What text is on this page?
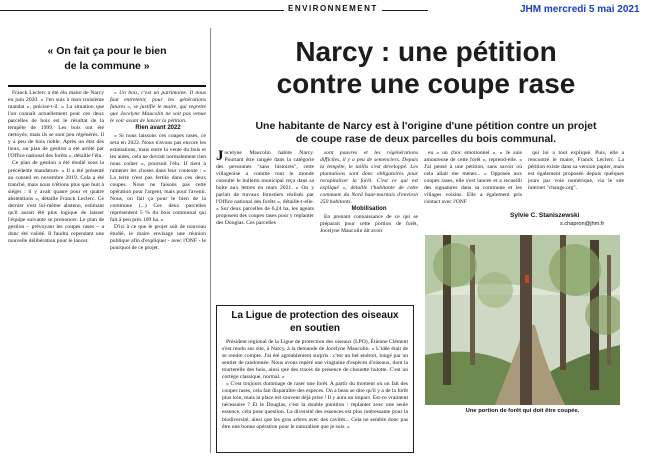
ENVIRONNEMENT	JHM mercredi 5 mai 2021
« On fait ça pour le bien
de la commune »

Franck Leclerc a été élu maire de Narcy en juin 2020. « J'en suis à mon troisième mandat », précise-t-il. « La situation que l'on connaît actuellement pour ces deux parcelles de bois est le résultat de la tempête de 1999. Les bois ont été nettoyés, mais ils se sont peu régénérés. Il y a peu de bois noble. Après un état des lieux, un plan de gestion a été arrêté par l'Office national des forêts », détaille l'élu.

Ce plan de gestion a été étudié sous la précédente mandature. « Il a été présenté au conseil en novembre 2019. Cela a été tranché, mais nous n'étions plus que huit à siéger : il y avait quatre pour et quatre abstentions », détaille Franck Leclerc. Ce dernier s'est lui-même abstenu, estimant qu'il aurait été plus logique de laisser l'équipe suivante se prononcer. Le plan de gestion – prévoyant les coupes rases – a donc été validé. Il faudra cependant une nouvelle délibération pour le lancer.

« Un bois, c'est un patrimoine. Il nous faut entretenir, pour les générations futures », se justifie le maire, qui regrette que Jocelyne Maucolin ne soit pas venue le voir avant de lancer la pétition.

Rien avant 2022

« Si nous laissons ces coupes rases, ce sera en 2022. Nous n'avons pas encore les estimations, mais entre la vente du bois et les aides, cela ne devrait normalement rien nous coûter », poursuit l'élu. Il tient à ramener les choses dans leur contexte : « La terre n'est pas fertile dans ces deux coupes. Nous ne faisons pas cette opération pour l'argent, mais pour l'avenir. Nous, on fait ça pour le bien de la commune (...) Ces deux parcelles représentent 5 % du bois communal qui fait à peu près 109 ha. »

D'ici à ce que le projet soit de nouveau étudié, le maire envisage une réunion publique afin d'expliquer - avec l'ONF - le pourquoi de ce projet.

Narcy : une pétition
contre une coupe rase
Une habitante de Narcy est à l'origine d'une pétition contre un projet
de coupe rase de deux parcelles du bois communal.
J ocelyne Maucolin habite Narcy. Pourtant être rangée dans la catégorie des personnes "sans histoires", cette villageoise a comme tout le monde consulté le bulletin municipal reçu dans sa boîte aux lettres en mars 2021. « On y parlait de travaux forestiers réalisés par l'Office national des forêts », détaille-t-elle. « Sur deux parcelles de 6,24 ha, les agents proposent des coupes rases pour y replanter des Douglas. Ces parcelles

sont pauvres et les régénérations difficiles, il y a peu de semenciers. Depuis la tempête, le taillis s'est développé. Les plantations sont donc obligatoires pour recapitaliser la forêt. C'est ce qui est expliqué », détaille l'habitante de cette commune du Nord haut-marnais d'environ 250 habitants.

Mobilisation

En prenant connaissance de ce qui se préparait pour cette portion de forêt, Jocelyne Maucolin dit avoir

eu « un choc émotionnel ». « Je suis amoureuse de cette forêt », reprend-elle. « J'ai pensé à une pétition, sans savoir où cela allait me mener... » Opposée aux coupes rases, elle s'est lancée et a recueilli des signatures dans sa commune et les villages voisins. Elle a également pris contact avec l'ONF

qui lui a tout expliqué. Puis, elle a rencontré le maire, Franck Leclerc. La pétition existe dans sa version papier, mais est également proposée depuis quelques jours par voie numérique, via le site internet "change.org".

Sylvie C. Staniszewski
s.chapron@jhm.fr
La Ligue de protection des oiseaux
en soutien

Président régional de la Ligue de protection des oiseaux (LPO), Étienne Clément s'est rendu sur site, à Narcy, à la demande de Jocelyne Maucolin. « L'idée était de se rendre compte. J'ai été agréablement surpris : c'est un bel endroit, longé par un sentier de randonnée. Nous avons repéré une vingtaine d'espèces d'oiseaux, dont la tourterelle des bois, ainsi que des traces de présence de chouette hulotte. C'est un cortège classique, normal. »

« C'est toujours dommage de raser une forêt. A partir du moment où on fait des coupes rases, cela fait disparaître des espèces. On a beau se dire qu'il y a de la forêt plus loin, mais la place est souvent déjà prise ! Il y aura un impact. Est-ce vraiment nécessaire ? Et le Douglas, c'est la double punition : replanter avec une seule essence, cela pose question. La diversité des essences est plus intéressante pour la biodiversité, ainsi que les gros arbres avec des cavités... Cela ne semble donc pas être une bonne opération pour le naturaliste que je suis. »

Une portion de forêt qui doit être coupée.
